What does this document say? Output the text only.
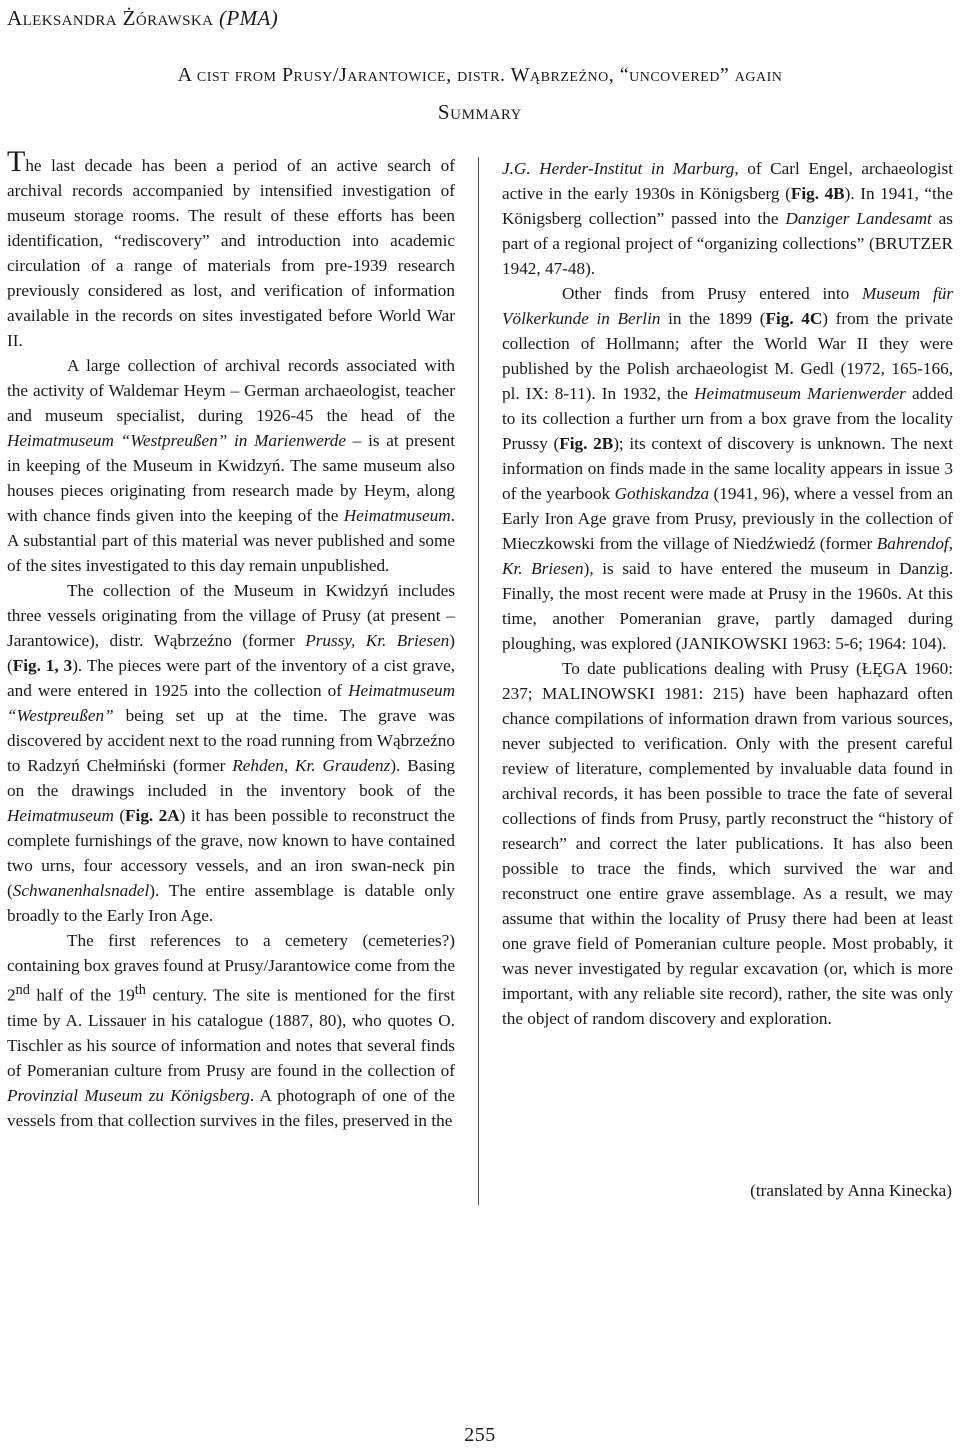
Aleksandra Żórawska (PMA)
A cist from Prusy/Jarantowice, distr. Wąbrzeźno, “uncovered” again
Summary

The last decade has been a period of an active search of archival records accompanied by intensified investigation of museum storage rooms. The result of these efforts has been identification, “rediscovery” and introduction into academic circulation of a range of materials from pre-1939 research previously considered as lost, and verification of information available in the records on sites investigated before World War II.

A large collection of archival records associated with the activity of Waldemar Heym – German archaeologist, teacher and museum specialist, during 1926-45 the head of the Heimatmuseum “Westpreußen” in Marienwerde – is at present in keeping of the Museum in Kwidzyń. The same museum also houses pieces originating from research made by Heym, along with chance finds given into the keeping of the Heimatmuseum. A substantial part of this material was never published and some of the sites investigated to this day remain unpublished.

The collection of the Museum in Kwidzyń includes three vessels originating from the village of Prusy (at present – Jarantowice), distr. Wąbrzeźno (former Prussy, Kr. Briesen) (Fig. 1, 3). The pieces were part of the inventory of a cist grave, and were entered in 1925 into the collection of Heimatmuseum “Westpreußen” being set up at the time. The grave was discovered by accident next to the road running from Wąbrzeźno to Radzyń Chełmiński (former Rehden, Kr. Graudenz). Basing on the drawings included in the inventory book of the Heimatmuseum (Fig. 2A) it has been possible to reconstruct the complete furnishings of the grave, now known to have contained two urns, four accessory vessels, and an iron swan-neck pin (Schwanenhalsnadel). The entire assemblage is datable only broadly to the Early Iron Age.

The first references to a cemetery (cemeteries?) containing box graves found at Prusy/Jarantowice come from the 2nd half of the 19th century. The site is mentioned for the first time by A. Lissauer in his catalogue (1887, 80), who quotes O. Tischler as his source of information and notes that several finds of Pomeranian culture from Prusy are found in the collection of Provinzial Museum zu Königsberg. A photograph of one of the vessels from that collection survives in the files, preserved in the

J.G. Herder-Institut in Marburg, of Carl Engel, archaeologist active in the early 1930s in Königsberg (Fig. 4B). In 1941, “the Königsberg collection” passed into the Danziger Landesamt as part of a regional project of “organizing collections” (BRUTZER 1942, 47-48).

Other finds from Prusy entered into Museum für Völkerkunde in Berlin in the 1899 (Fig. 4C) from the private collection of Hollmann; after the World War II they were published by the Polish archaeologist M. Gedl (1972, 165-166, pl. IX: 8-11). In 1932, the Heimatmuseum Marienwerder added to its collection a further urn from a box grave from the locality Prussy (Fig. 2B); its context of discovery is unknown. The next information on finds made in the same locality appears in issue 3 of the yearbook Gothiskandza (1941, 96), where a vessel from an Early Iron Age grave from Prusy, previously in the collection of Mieczkowski from the village of Niedźwiedź (former Bahrendof, Kr. Briesen), is said to have entered the museum in Danzig. Finally, the most recent were made at Prusy in the 1960s. At this time, another Pomeranian grave, partly damaged during ploughing, was explored (JANIKOWSKI 1963: 5-6; 1964: 104).

To date publications dealing with Prusy (ŁĘGA 1960: 237; MALINOWSKI 1981: 215) have been haphazard often chance compilations of information drawn from various sources, never subjected to verification. Only with the present careful review of literature, complemented by invaluable data found in archival records, it has been possible to trace the fate of several collections of finds from Prusy, partly reconstruct the “history of research” and correct the later publications. It has also been possible to trace the finds, which survived the war and reconstruct one entire grave assemblage. As a result, we may assume that within the locality of Prusy there had been at least one grave field of Pomeranian culture people. Most probably, it was never investigated by regular excavation (or, which is more important, with any reliable site record), rather, the site was only the object of random discovery and exploration.

(translated by Anna Kinecka)
255
